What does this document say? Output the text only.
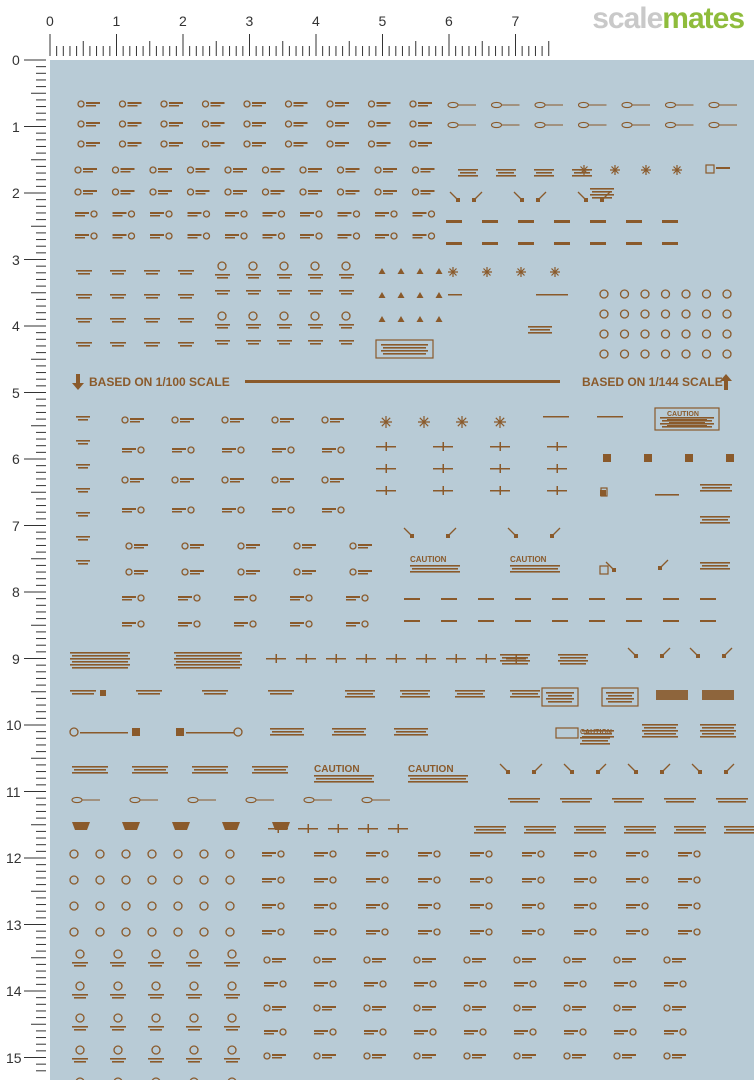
0	1	2	3	4	5	6	7
0
1
2
3
4
5
6
7
8
9
10
11
12
13
14
15
scalemates
CAUTION
CAUTION	CAUTION
CAUTION
CAUTION	CAUTION
BASED ON 1/100 SCALE	BASED ON 1/144 SCALE
